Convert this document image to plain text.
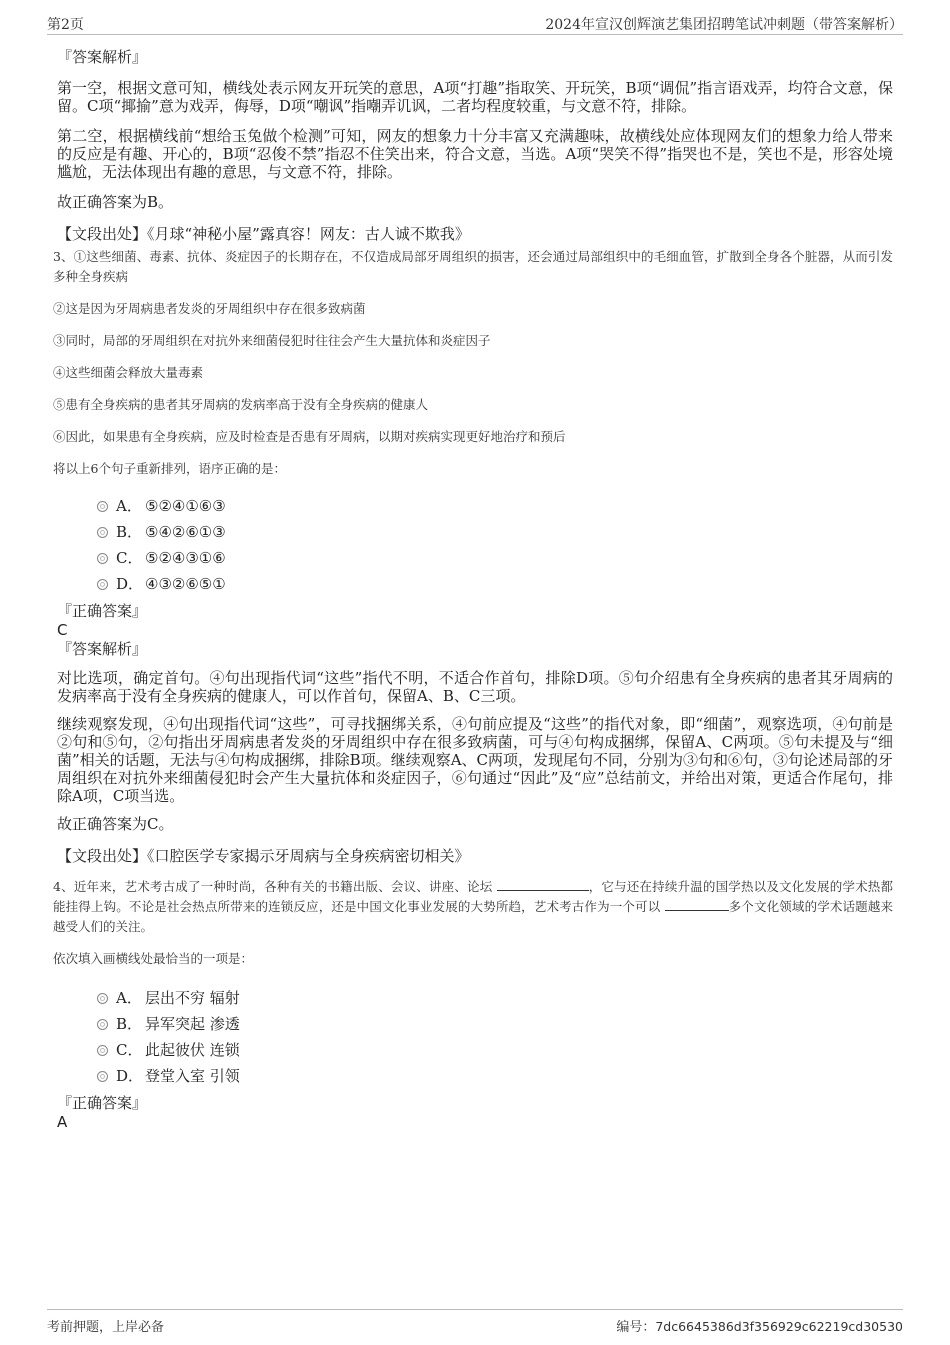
第2页	2024年宣汉创辉演艺集团招聘笔试冲刺题（带答案解析）

『答案解析』

第一空，根据文意可知，横线处表示网友开玩笑的意思，A项“打趣”指取笑、开玩笑，B项“调侃”指言语戏弄，均符合文意，保留。C项“揶揄”意为戏弄，侮辱，D项“嘲讽”指嘲弄讥讽，二者均程度较重，与文意不符，排除。

第二空，根据横线前“想给玉兔做个检测”可知，网友的想象力十分丰富又充满趣味，故横线处应体现网友们的想象力给人带来的反应是有趣、开心的，B项“忍俊不禁”指忍不住笑出来，符合文意，当选。A项“哭笑不得”指哭也不是，笑也不是，形容处境尴尬，无法体现出有趣的意思，与文意不符，排除。

故正确答案为B。

【文段出处】《月球“神秘小屋”露真容！网友：古人诚不欺我》

3、①这些细菌、毒素、抗体、炎症因子的长期存在，不仅造成局部牙周组织的损害，还会通过局部组织中的毛细血管，扩散到全身各个脏器，从而引发多种全身疾病

②这是因为牙周病患者发炎的牙周组织中存在很多致病菌

③同时，局部的牙周组织在对抗外来细菌侵犯时往往会产生大量抗体和炎症因子

④这些细菌会释放大量毒素

⑤患有全身疾病的患者其牙周病的发病率高于没有全身疾病的健康人

⑥因此，如果患有全身疾病，应及时检查是否患有牙周病，以期对疾病实现更好地治疗和预后

将以上6个句子重新排列，语序正确的是：

A． ⑤②④①⑥③
B． ⑤④②⑥①③
C． ⑤②④③①⑥
D． ④③②⑥⑤①

『正确答案』

C

『答案解析』

对比选项，确定首句。④句出现指代词“这些”指代不明，不适合作首句，排除D项。⑤句介绍患有全身疾病的患者其牙周病的发病率高于没有全身疾病的健康人，可以作首句，保留A、B、C三项。

继续观察发现，④句出现指代词“这些”，可寻找捆绑关系，④句前应提及“这些”的指代对象，即“细菌”，观察选项，④句前是②句和⑤句，②句指出牙周病患者发炎的牙周组织中存在很多致病菌，可与④句构成捆绑，保留A、C两项。⑤句未提及与“细菌”相关的话题，无法与④句构成捆绑，排除B项。继续观察A、C两项，发现尾句不同，分别为③句和⑥句，③句论述局部的牙周组织在对抗外来细菌侵犯时会产生大量抗体和炎症因子，⑥句通过“因此”及“应”总结前文，并给出对策，更适合作尾句，排除A项，C项当选。

故正确答案为C。

【文段出处】《口腔医学专家揭示牙周病与全身疾病密切相关》

4、近年来，艺术考古成了一种时尚，各种有关的书籍出版、会议、讲座、论坛	，它与还在持续升温的国学热以及文化发展的学术热都能挂得上钩。不论是社会热点所带来的连锁反应，还是中国文化事业发展的大势所趋，艺术考古作为一个可以	多个文化领域的学术话题越来越受人们的关注。

依次填入画横线处最恰当的一项是：

A． 层出不穷 辐射
B． 异军突起 渗透
C． 此起彼伏 连锁
D． 登堂入室 引领

『正确答案』

A

考前押题，上岸必备	编号：7dc6645386d3f356929c62219cd30530
